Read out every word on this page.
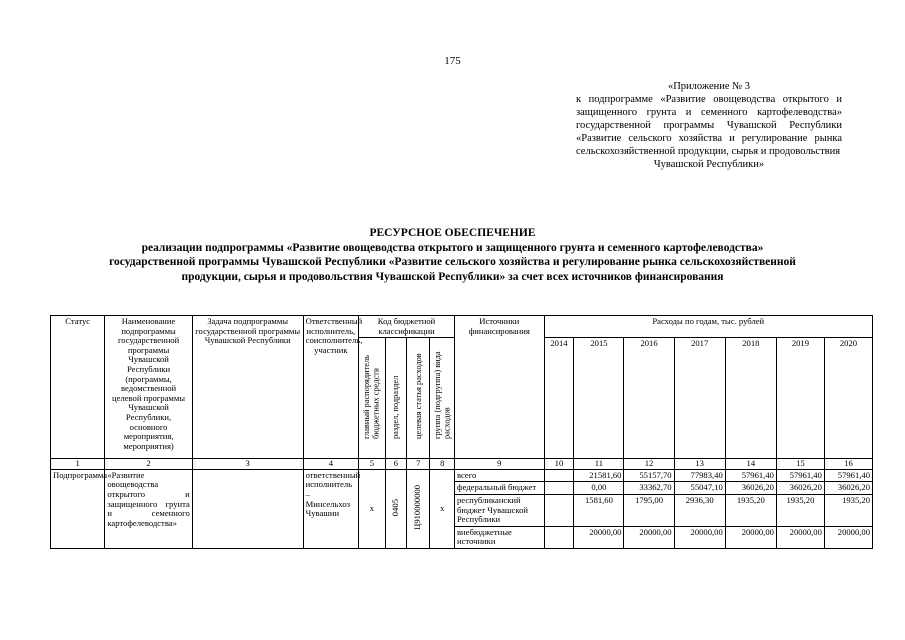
175
«Приложение № 3
к подпрограмме «Развитие овощеводства открытого и защищенного грунта и семенного картофелеводства» государственной программы Чувашской Республики «Развитие сельского хозяйства и регулирование рынка сельскохозяйственной продукции, сырья и продовольствия
Чувашской Республики»
РЕСУРСНОЕ ОБЕСПЕЧЕНИЕ
реализации подпрограммы «Развитие овощеводства открытого и защищенного грунта и семенного картофелеводства»
государственной программы Чувашской Республики «Развитие сельского хозяйства и регулирование рынка сельскохозяйственной
продукции, сырья и продовольствия Чувашской Республики» за счет всех источников финансирования
Статус	Наименование подпрограммы государственной программы Чувашской Республики (программы, ведомственной целевой программы Чувашской Республики, основного мероприятия, мероприятия)	Задача подпрограммы государственной программы Чувашской Республики	Ответственный исполнитель, соисполнитель, участник	Код бюджетной классификации				Источники финансирования	Расходы по годам, тыс. рублей						
				главный распорядитель бюджетных средств	раздел, подраздел	целевая статья расходов	группа (подгруппа) вида расходов		2014	2015	2016	2017	2018	2019	2020
1	2	3	4	5	6	7	8	9	10	11	12	13	14	15	16
Подпрограмма	«Развитие овощеводства открытого и защищенного грунта и семенного картофелеводства»		ответственный исполнитель – Минсельхоз Чувашии	x	0405	Ц910000000	x	всего		21581,60	55157,70	77983,40	57961,40	57961,40	57961,40
								федеральный бюджет		0,00	33362,70	55047,10	36026,20	36026,20	36026,20
								республиканский бюджет Чувашской Республики		1581,60	1795,00	2936,30	1935,20	1935,20	1935,20
								внебюджетные источники		20000,00	20000,00	20000,00	20000,00	20000,00	20000,00
